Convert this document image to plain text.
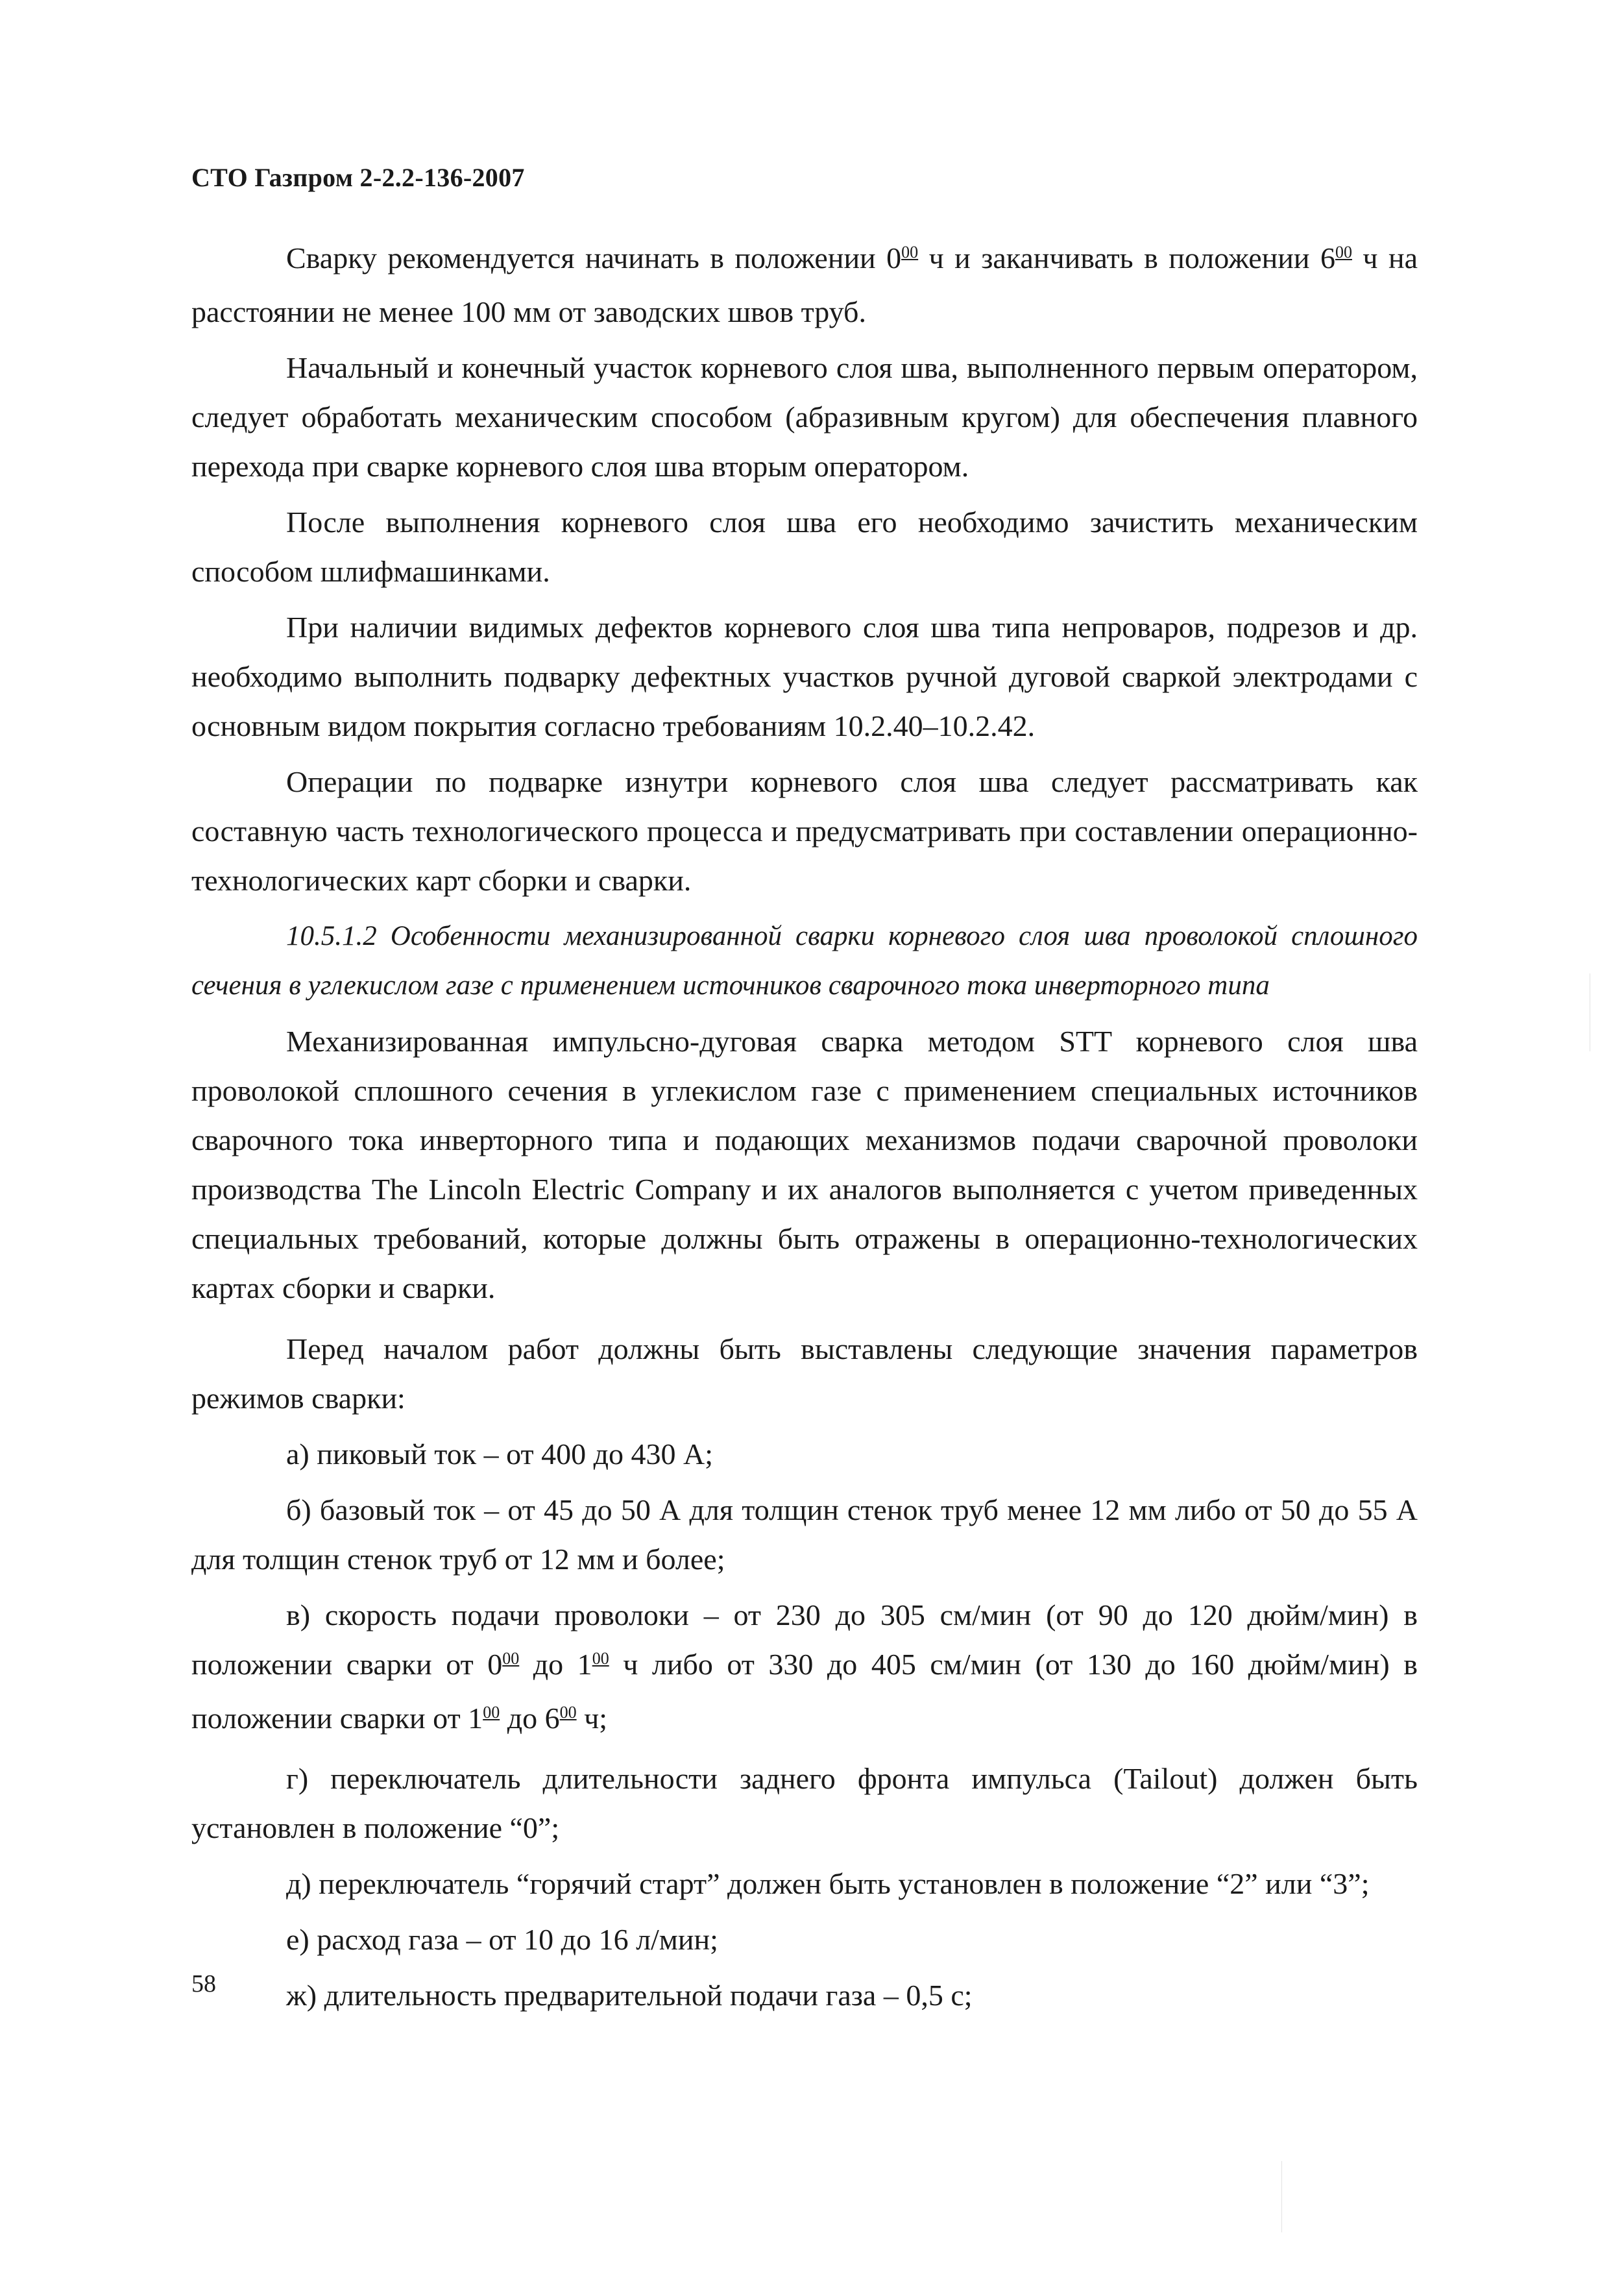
СТО Газпром 2-2.2-136-2007

Сварку рекомендуется начинать в положении $0^{00}$ ч и заканчивать в положении $6^{00}$ ч на расстоянии не менее 100 мм от заводских швов труб.

Начальный и конечный участок корневого слоя шва, выполненного первым оператором, следует обработать механическим способом (абразивным кругом) для обеспечения плавного перехода при сварке корневого слоя шва вторым оператором.

После выполнения корневого слоя шва его необходимо зачистить механическим способом шлифмашинками.

При наличии видимых дефектов корневого слоя шва типа непроваров, подрезов и др. необходимо выполнить подварку дефектных участков ручной дуговой сваркой электродами с основным видом покрытия согласно требованиям 10.2.40–10.2.42.

Операции по подварке изнутри корневого слоя шва следует рассматривать как составную часть технологического процесса и предусматривать при составлении операционно-технологических карт сборки и сварки.

10.5.1.2 Особенности механизированной сварки корневого слоя шва проволокой сплошного сечения в углекислом газе с применением источников сварочного тока инверторного типа

Механизированная импульсно-дуговая сварка методом STT корневого слоя шва проволокой сплошного сечения в углекислом газе с применением специальных источников сварочного тока инверторного типа и подающих механизмов подачи сварочной проволоки производства The Lincoln Electric Company и их аналогов выполняется с учетом приведенных специальных требований, которые должны быть отражены в операционно-технологических картах сборки и сварки.

Перед началом работ должны быть выставлены следующие значения параметров режимов сварки:

а) пиковый ток – от 400 до 430 А;

б) базовый ток – от 45 до 50 А для толщин стенок труб менее 12 мм либо от 50 до 55 А для толщин стенок труб от 12 мм и более;

в) скорость подачи проволоки – от 230 до 305 см/мин (от 90 до 120 дюйм/мин) в положении сварки от $0^{00}$ до $1^{00}$ ч либо от 330 до 405 см/мин (от 130 до 160 дюйм/мин) в положении сварки от $1^{00}$ до $6^{00}$ ч;

г) переключатель длительности заднего фронта импульса (Tailout) должен быть установлен в положение “0”;

д) переключатель “горячий старт” должен быть установлен в положение “2” или “3”;

е) расход газа – от 10 до 16 л/мин;

ж) длительность предварительной подачи газа – 0,5 с;

58
